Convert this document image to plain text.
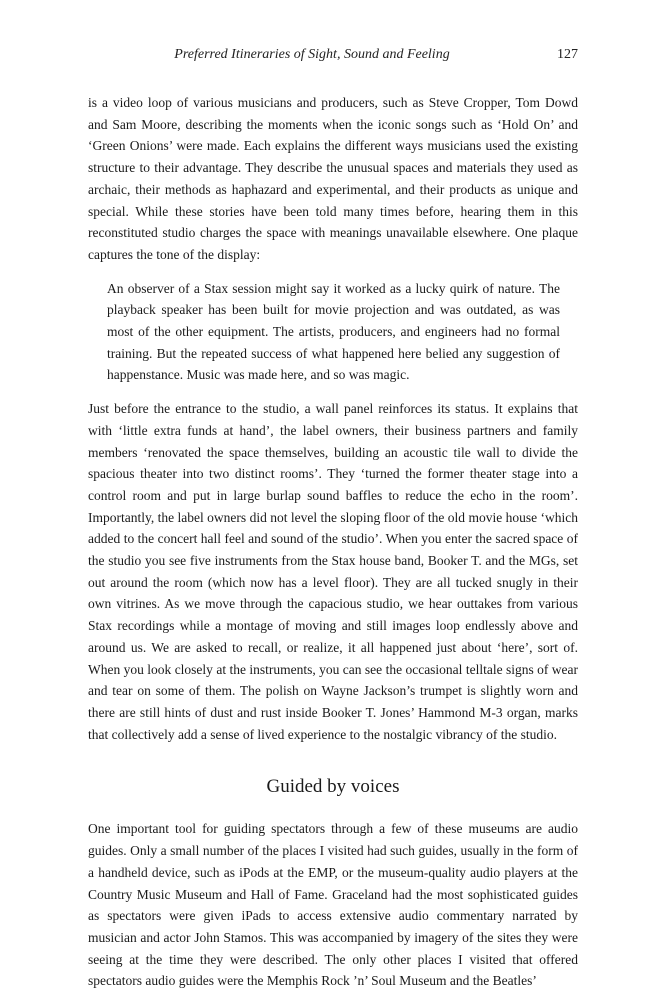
Preferred Itineraries of Sight, Sound and Feeling	127

is a video loop of various musicians and producers, such as Steve Cropper, Tom Dowd and Sam Moore, describing the moments when the iconic songs such as ‘Hold On’ and ‘Green Onions’ were made. Each explains the different ways musicians used the existing structure to their advantage. They describe the unusual spaces and materials they used as archaic, their methods as haphazard and experimental, and their products as unique and special. While these stories have been told many times before, hearing them in this reconstituted studio charges the space with meanings unavailable elsewhere. One plaque captures the tone of the display:

An observer of a Stax session might say it worked as a lucky quirk of nature. The playback speaker has been built for movie projection and was outdated, as was most of the other equipment. The artists, producers, and engineers had no formal training. But the repeated success of what happened here belied any suggestion of happenstance. Music was made here, and so was magic.

Just before the entrance to the studio, a wall panel reinforces its status. It explains that with ‘little extra funds at hand’, the label owners, their business partners and family members ‘renovated the space themselves, building an acoustic tile wall to divide the spacious theater into two distinct rooms’. They ‘turned the former theater stage into a control room and put in large burlap sound baffles to reduce the echo in the room’. Importantly, the label owners did not level the sloping floor of the old movie house ‘which added to the concert hall feel and sound of the studio’. When you enter the sacred space of the studio you see five instruments from the Stax house band, Booker T. and the MGs, set out around the room (which now has a level floor). They are all tucked snugly in their own vitrines. As we move through the capacious studio, we hear outtakes from various Stax recordings while a montage of moving and still images loop endlessly above and around us. We are asked to recall, or realize, it all happened just about ‘here’, sort of. When you look closely at the instruments, you can see the occasional telltale signs of wear and tear on some of them. The polish on Wayne Jackson’s trumpet is slightly worn and there are still hints of dust and rust inside Booker T. Jones’ Hammond M-3 organ, marks that collectively add a sense of lived experience to the nostalgic vibrancy of the studio.

Guided by voices

One important tool for guiding spectators through a few of these museums are audio guides. Only a small number of the places I visited had such guides, usually in the form of a handheld device, such as iPods at the EMP, or the museum-quality audio players at the Country Music Museum and Hall of Fame. Graceland had the most sophisticated guides as spectators were given iPads to access extensive audio commentary narrated by musician and actor John Stamos. This was accompanied by imagery of the sites they were seeing at the time they were described. The only other places I visited that offered spectators audio guides were the Memphis Rock ’n’ Soul Museum and the Beatles’
